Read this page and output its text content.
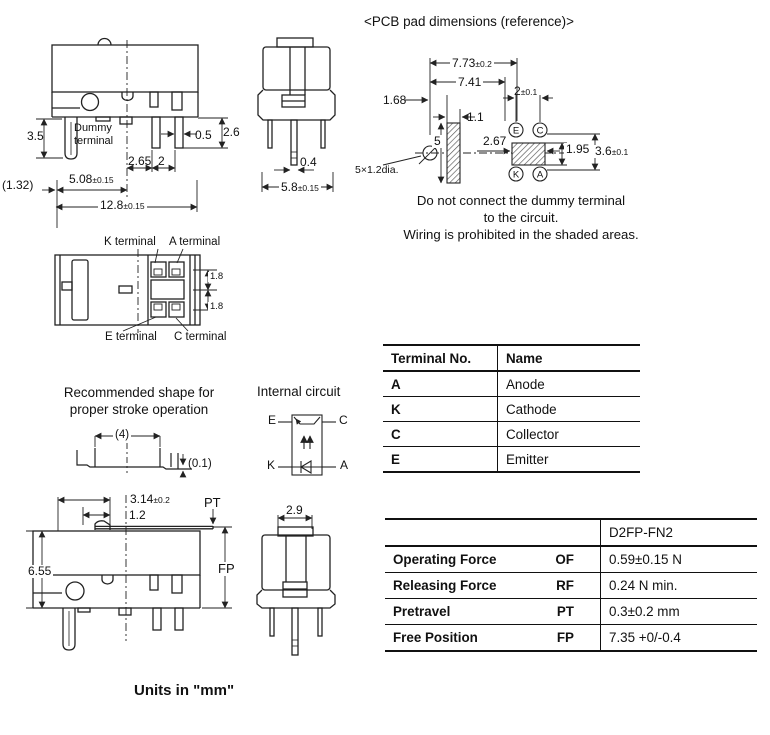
E C
K A
3.5
Dummy terminal	0.5 2.6
2.65 2
5.08±0.15
(1.32)
12.8±0.15
0.4
5.8±0.15
<PCB pad dimensions (reference)>
7.73±0.2
7.41
1.68
2±0.1
1.1
5
5×1.2dia.
2.67
1.95 3.6±0.1
Do not connect the dummy terminal
to the circuit.
Wiring is prohibited in the shaded areas.
K terminal A terminal
E terminal C terminal
1.8
1.8
Recommended shape for
proper stroke operation
(4)
(0.1)
Internal circuit
E	C
K	A
3.14±0.2	PT
1.2
6.55	FP
2.9
Terminal No.	Name
A	Anode
K	Cathode
C	Collector
E	Emitter
	D2FP-FN2
Operating Force OF	0.59±0.15 N
Releasing Force RF	0.24 N min.
Pretravel PT	0.3±0.2 mm
Free Position FP	7.35 +0/-0.4
Units in "mm"
